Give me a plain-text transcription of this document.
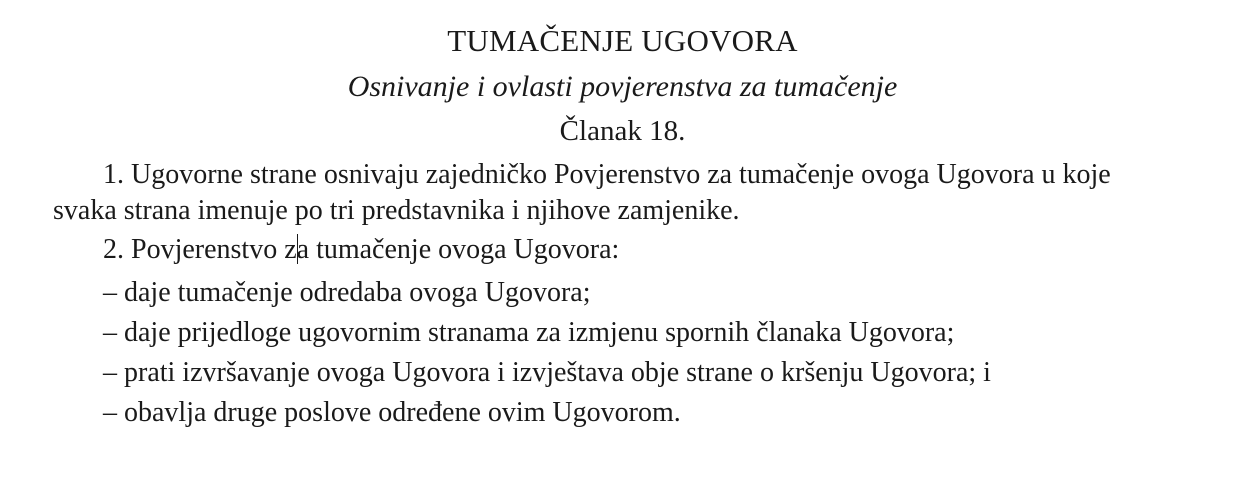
TUMAČENJE UGOVORA
Osnivanje i ovlasti povjerenstva za tumačenje
Članak 18.
1. Ugovorne strane osnivaju zajedničko Povjerenstvo za tumačenje ovoga Ugovora u koje
svaka strana imenuje po tri predstavnika i njihove zamjenike.
2. Povjerenstvo za tumačenje ovoga Ugovora:
– daje tumačenje odredaba ovoga Ugovora;
– daje prijedloge ugovornim stranama za izmjenu spornih članaka Ugovora;
– prati izvršavanje ovoga Ugovora i izvještava obje strane o kršenju Ugovora; i
– obavlja druge poslove određene ovim Ugovorom.
